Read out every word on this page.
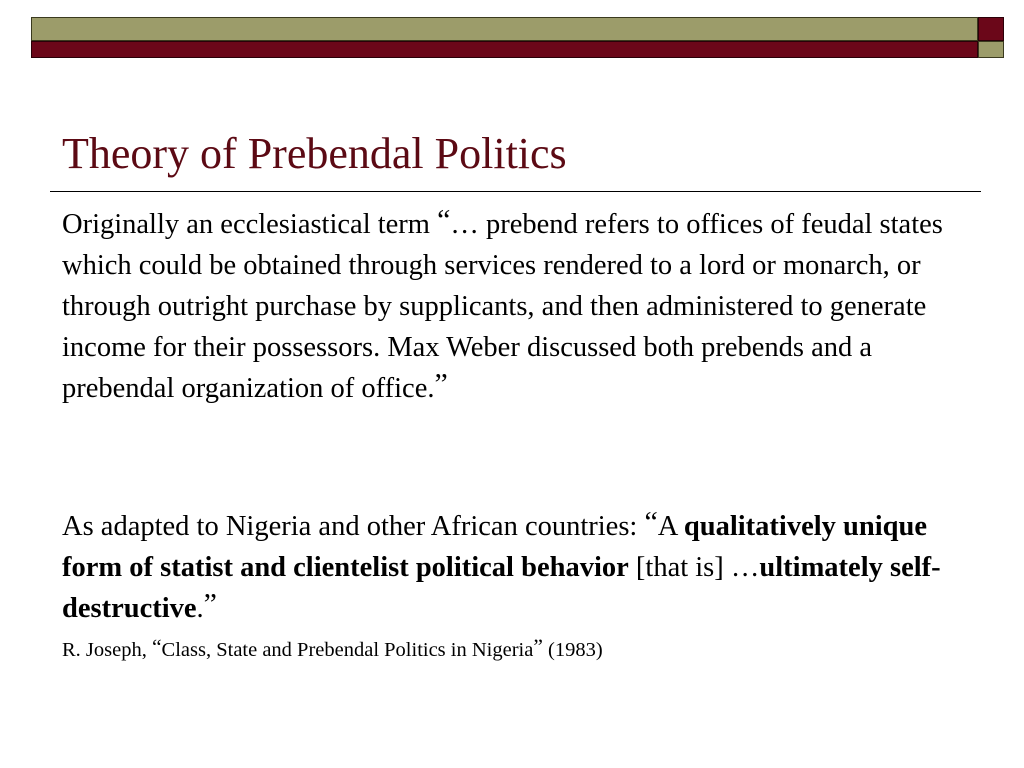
Theory of Prebendal Politics

Originally an ecclesiastical term “… prebend refers to offices of feudal states which could be obtained through services rendered to a lord or monarch, or through outright purchase by supplicants, and then administered to generate income for their possessors. Max Weber discussed both prebends and a prebendal organization of office.”

As adapted to Nigeria and other African countries: “A qualitatively unique form of statist and clientelist political behavior [that is] …ultimately self-destructive.”

R. Joseph, “Class, State and Prebendal Politics in Nigeria” (1983)
